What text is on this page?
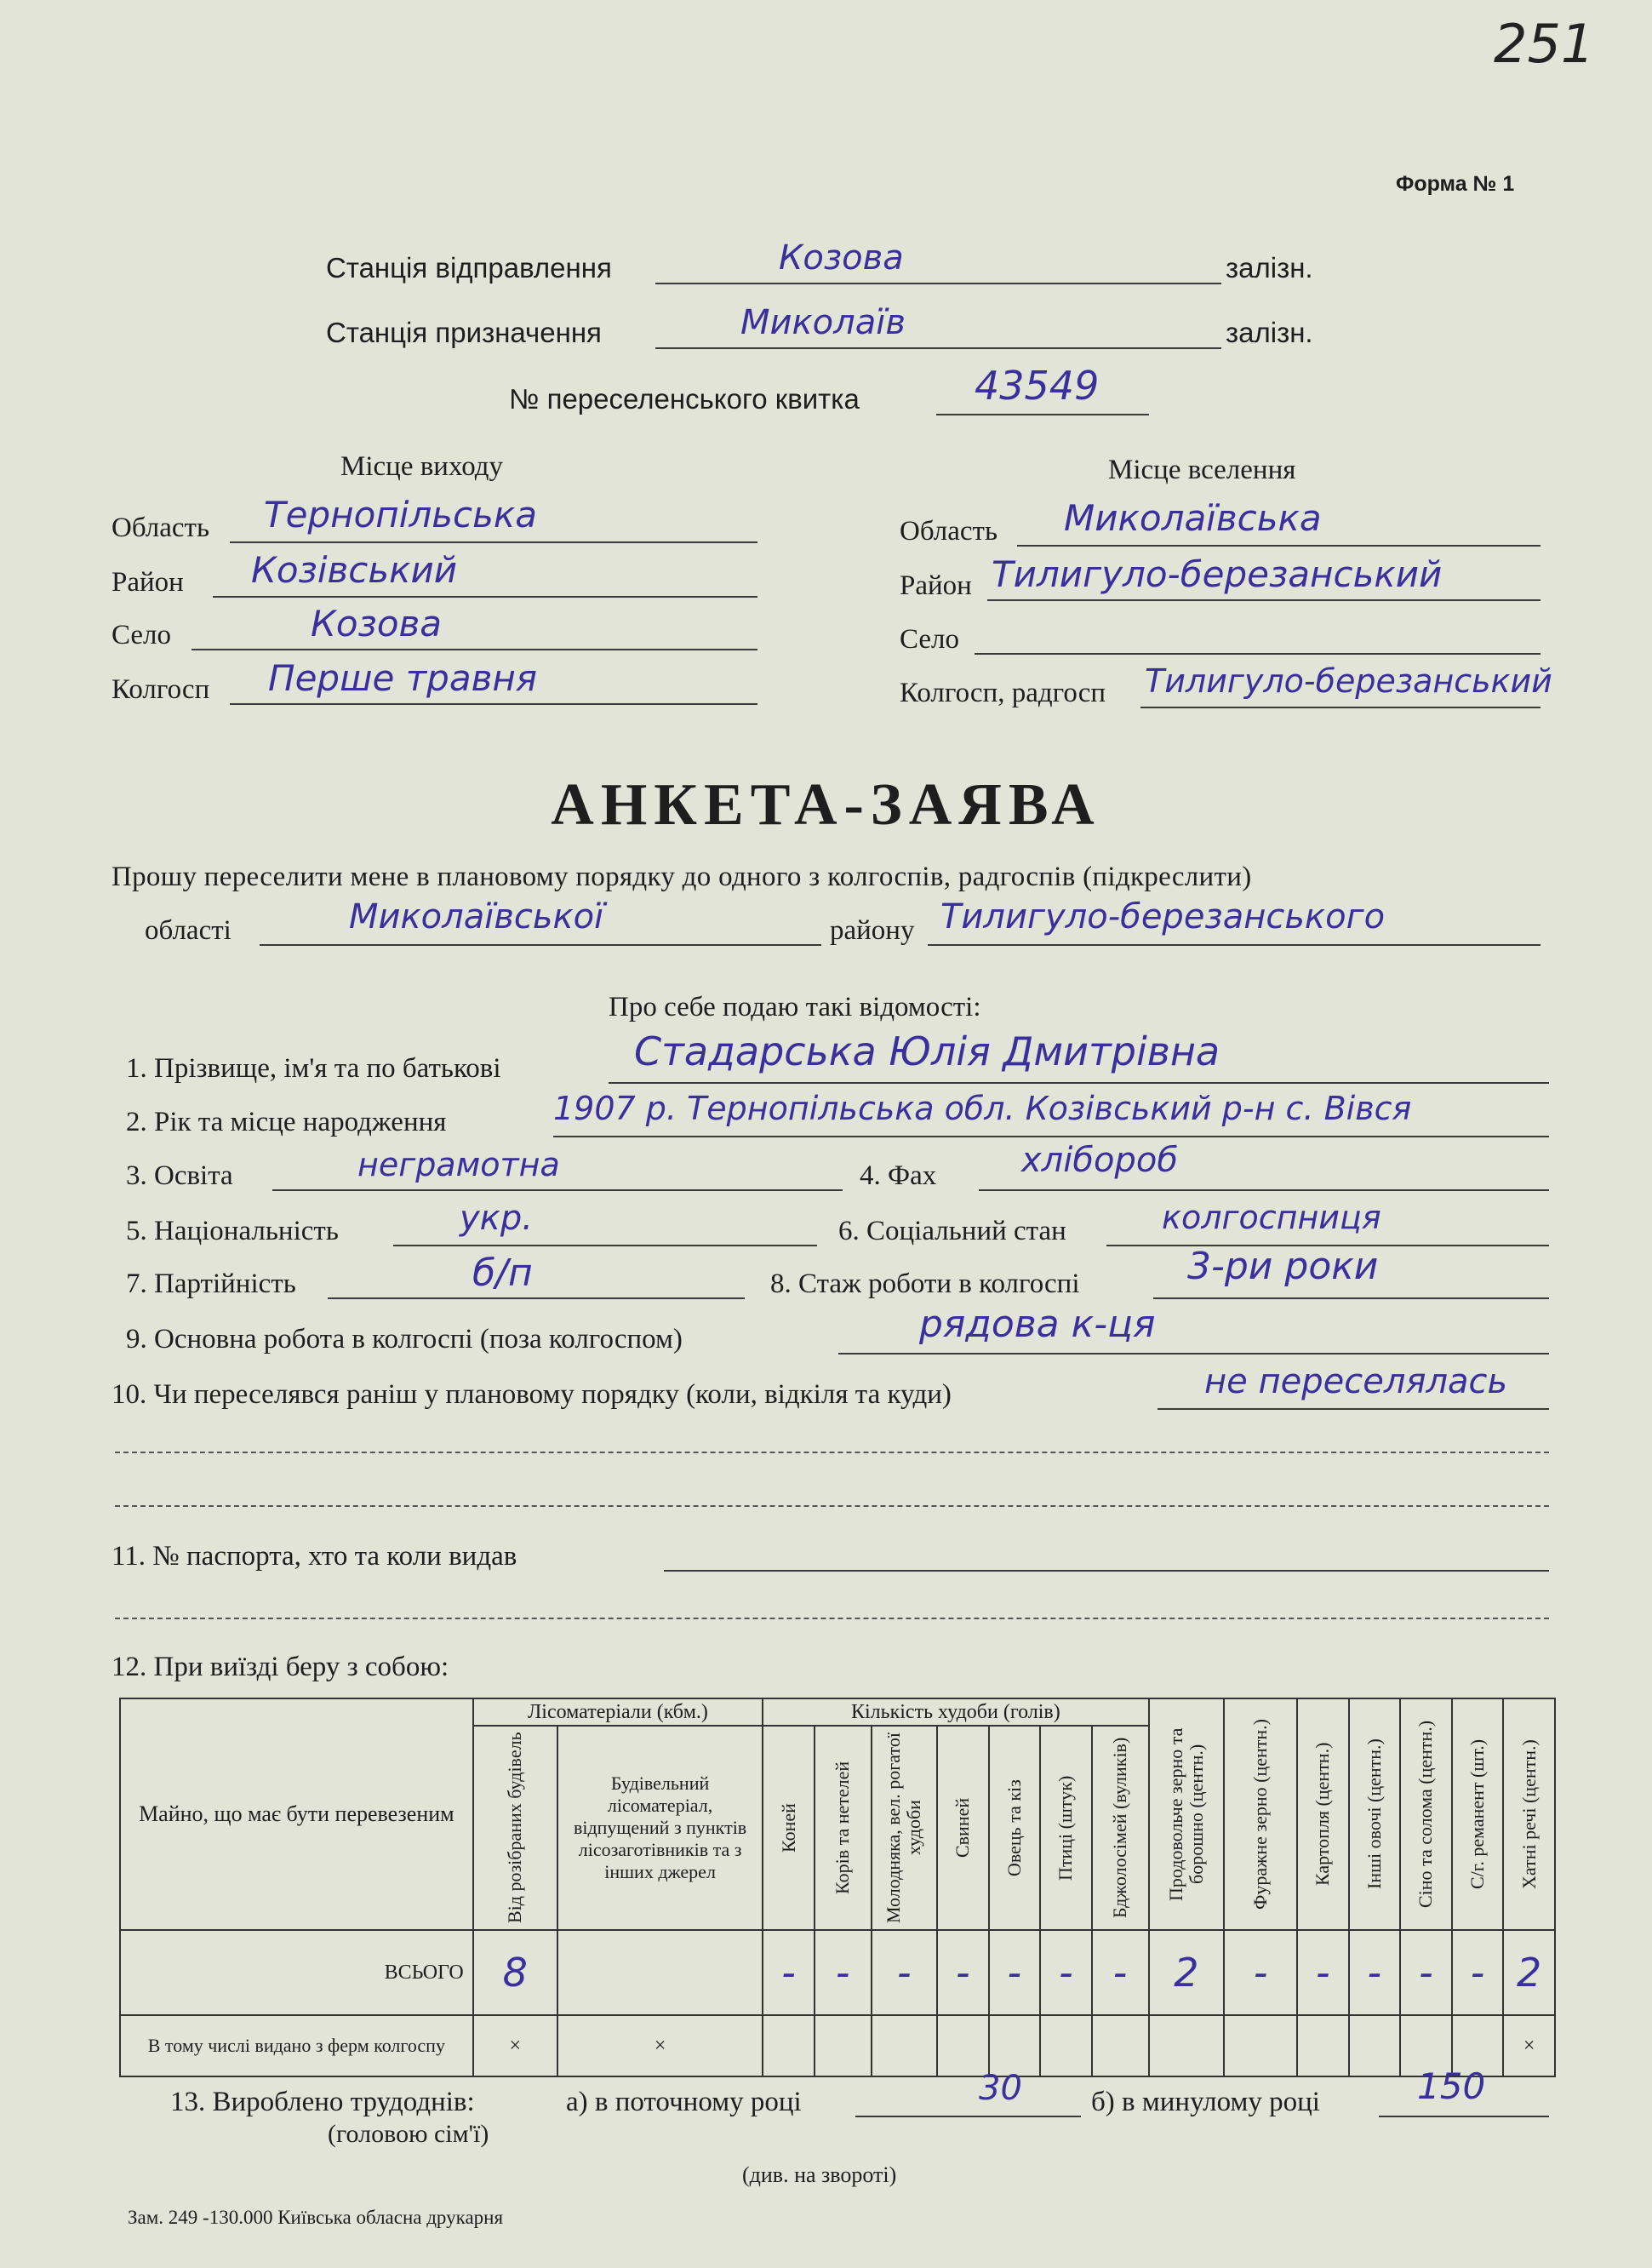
251
Форма № 1
Станція відправлення	Козова	залізн.
Станція призначення	Миколаїв	залізн.
№ переселенського квитка	43549
Місце виходу
Область Тернопільська
Район Козівський
Село	Козова
Колгосп Перше травня
Місце вселення
Область Миколаївська
Район Тилигуло-березанський
Село
Колгосп, радгосп Тилигуло-березанський
АНКЕТА-ЗАЯВА
Прошу переселити мене в плановому порядку до одного з колгоспів, радгоспів (підкреслити)
області	Миколаївської	району Тилигуло-березанського
Про себе подаю такі відомості:
1. Прізвище, ім'я та по батькові	Стадарська Юлія Дмитрівна
2. Рік та місце народження	1907 р. Тернопільська обл. Козівський р-н с. Вівся
3. Освіта	неграмотна	4. Фах хлібороб
5. Національність	укр.	6. Соціальний стан	колгоспниця
7. Партійність	б/п	8. Стаж роботи в колгоспі	3-ри роки
9. Основна робота в колгоспі (поза колгоспом)	рядова к-ця
10. Чи переселявся раніш у плановому порядку (коли, відкіля та куди)	не переселялась
11. № паспорта, хто та коли видав
12. При виїзді беру з собою:
Майно, що має бути перевезеним	Лісоматеріали (кбм.)		Кількість худоби (голів)							Продовольче зерно та борошно (центн.)	Фуражне зерно (центн.)	Картопля (центн.)	Інші овочі (центн.)	Сіно та солома (центн.)	С/г. реманент (шт.)	Хатні речі (центн.)

	Від розібраних будівель	Будівельний лісоматеріал, відпущений з пунктів лісозаготівників та з інших джерел	Коней	Корів та нетелей	Молодняка, вел. рогатої худоби	Свиней	Овець та кіз	Птиці (штук)	Бджолосімей (вуликів)							

ВСЬОГО	8		-	-	-	-	-	-	-	2	-	-	-	-	-	2
В тому числі видано з ферм колгоспу	×	×														×
13. Вироблено трудоднів:
(головою сім'ї)
а) в поточному році	30 б) в минулому році	150
(див. на звороті)
Зам. 249 -130.000 Київська обласна друкарня
